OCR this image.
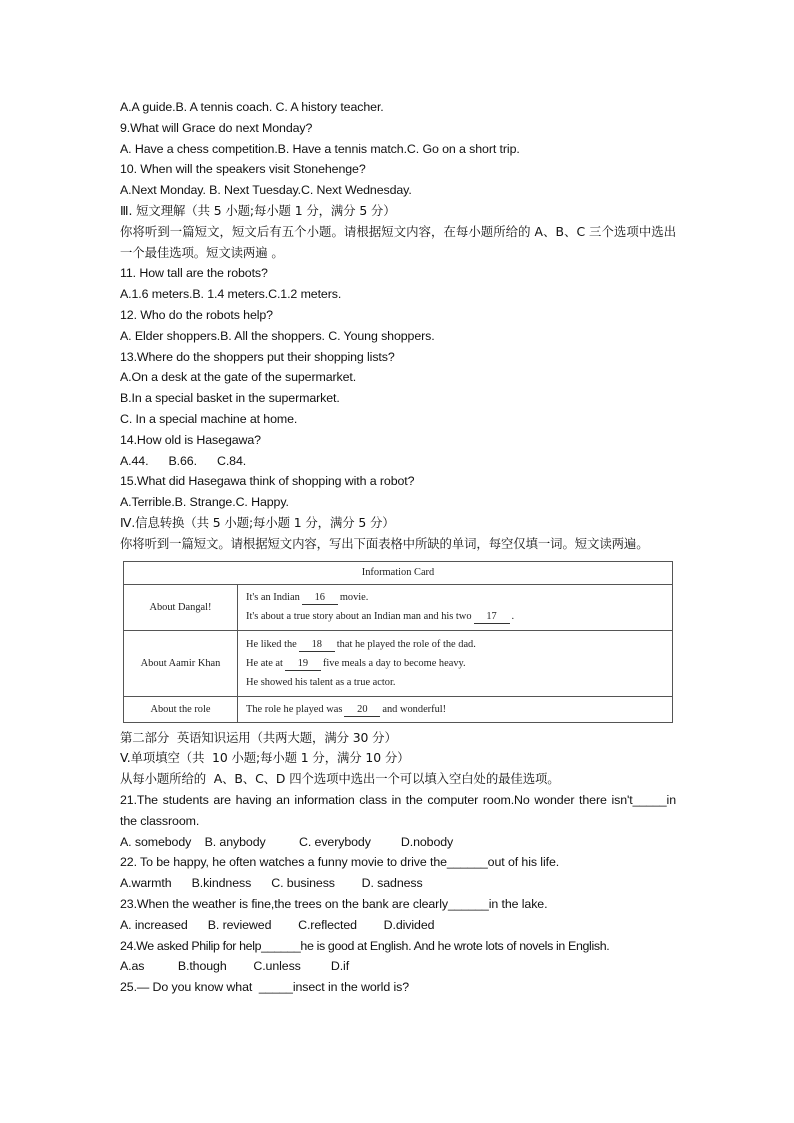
A.A guide.B. A tennis coach. C. A history teacher.
9.What will Grace do next Monday?
A. Have a chess competition.B. Have a tennis match.C. Go on a short trip.
10. When will the speakers visit Stonehenge?
A.Next Monday. B. Next Tuesday.C. Next Wednesday.
Ⅲ. 短文理解（共 5 小题;每小题 1 分，满分 5 分）
你将听到一篇短文，短文后有五个小题。请根据短文内容，在每小题所给的 A、B、C 三个选项中选出一个最佳选项。短文读两遍 。
11. How tall are the robots?
A.1.6 meters.B. 1.4 meters.C.1.2 meters.
12. Who do the robots help?
A. Elder shoppers.B. All the shoppers. C. Young shoppers.
13.Where do the shoppers put their shopping lists?
A.On a desk at the gate of the supermarket.
B.In a special basket in the supermarket.
C. In a special machine at home.
14.How old is Hasegawa?
A.44.      B.66.      C.84.
15.What did Hasegawa think of shopping with a robot?
A.Terrible.B. Strange.C. Happy.
Ⅳ.信息转换（共 5 小题;每小题 1 分，满分 5 分）
你将听到一篇短文。请根据短文内容，写出下面表格中所缺的单词，每空仅填一词。短文读两遍。
Information Card	
About Dangal!	It's an Indian 16 movie.
It's about a true story about an Indian man and his two 17 .

About Aamir Khan	He liked the 18 that he played the role of the dad.
He ate at 19 five meals a day to become heavy.
He showed his talent as a true actor.

About the role	The role he played was 20 and wonderful!
第二部分  英语知识运用（共两大题，满分 30 分）
V.单项填空（共  10 小题;每小题 1 分，满分 10 分）
从每小题所给的  A、B、C、D 四个选项中选出一个可以填入空白处的最佳选项。
21.The students are having an information class in the computer room.No wonder there isn't_____in the classroom.
A. somebody    B. anybody          C. everybody         D.nobody
22. To be happy, he often watches a funny movie to drive the______out of his life.
A.warmth      B.kindness      C. business        D. sadness
23.When the weather is fine,the trees on the bank are clearly______in the lake.
A. increased      B. reviewed        C.reflected        D.divided
24.We asked Philip for help______he is good at English. And he wrote lots of novels in English.
A.as          B.though        C.unless         D.if
25.— Do you know what  _____insect in the world is?
